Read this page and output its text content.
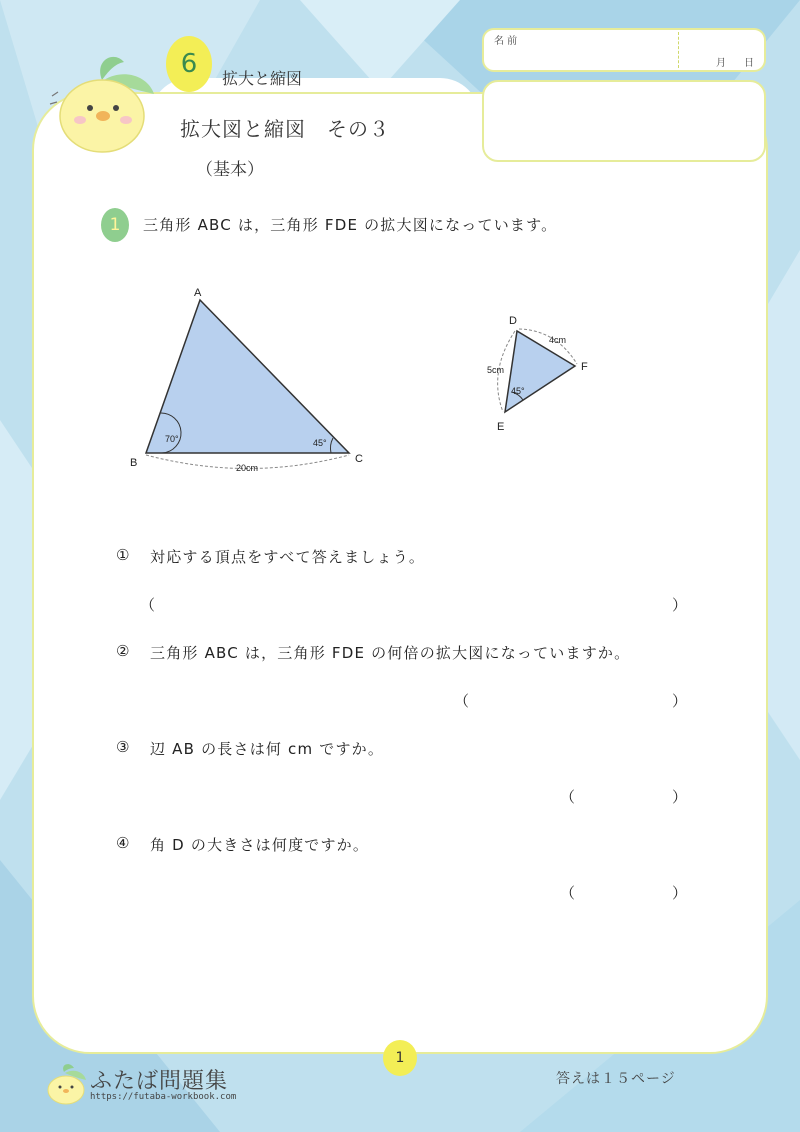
6	拡大と縮図
拡大図と縮図　その３
（基本）
名 前
月 日
1	三角形 ABC は，三角形 FDE の拡大図になっています。
A
B	C
70°	45°
20cm
D
E
F
45°
5cm
4cm
① 対応する頂点をすべて答えましょう。
（	）
② 三角形 ABC は，三角形 FDE の何倍の拡大図になっていますか。
（	）
③ 辺 AB の長さは何 cm ですか。
（	）
④ 角 D の大きさは何度ですか。
（	）
1
ふたば問題集
https://futaba-workbook.com
答えは１５ページ
